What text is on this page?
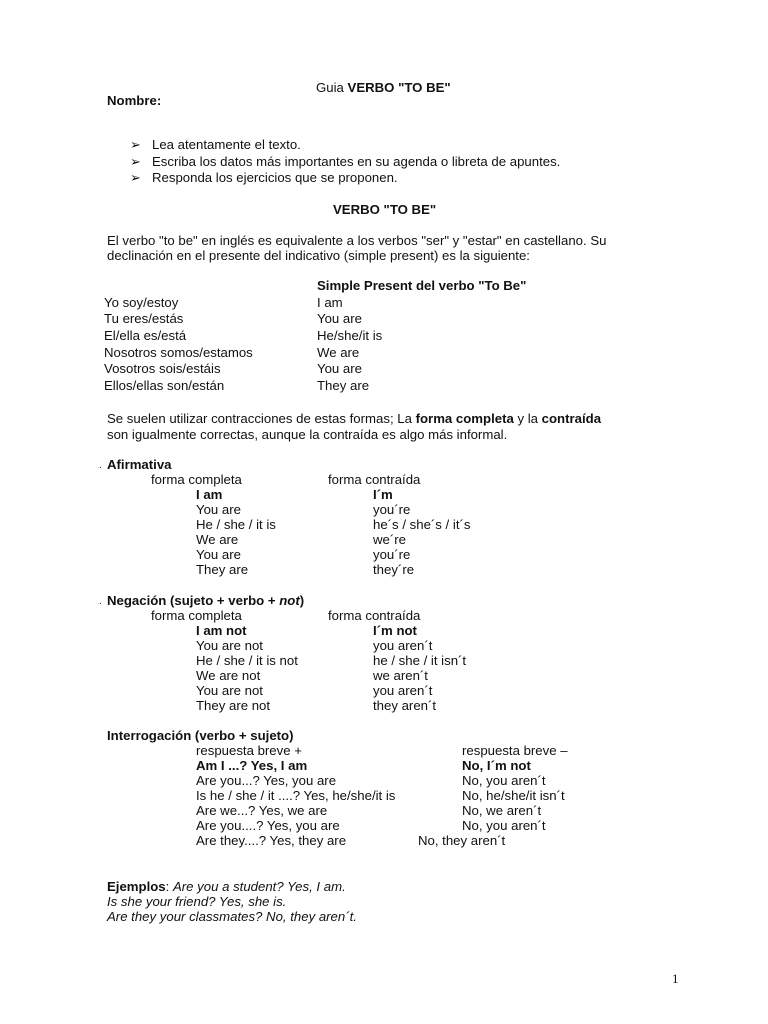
Guia VERBO "TO BE"
Nombre:
➢ Lea atentamente el texto.
➢ Escriba los datos más importantes en su agenda o libreta de apuntes.
➢ Responda los ejercicios que se proponen.
VERBO "TO BE"
El verbo "to be" en inglés es equivalente a los verbos "ser" y "estar" en castellano. Su
declinación en el presente del indicativo (simple present) es la siguiente:
Simple Present del verbo "To Be"
Yo soy/estoy	I am
Tu eres/estás	You are
El/ella es/está	He/she/it is
Nosotros somos/estamos	We are
Vosotros sois/estáis	You are
Ellos/ellas son/están	They are
Se suelen utilizar contracciones de estas formas; La forma completa y la contraída
son igualmente correctas, aunque la contraída es algo más informal.
. Afirmativa
forma completa	forma contraída
I am	I´m
You are	you´re
He / she / it is	he´s / she´s / it´s
We are	we´re
You are	you´re
They are	they´re
. Negación (sujeto + verbo + not)
forma completa	forma contraída
I am not	I´m not
You are not	you aren´t
He / she / it is not	he / she / it isn´t
We are not	we aren´t
You are not	you aren´t
They are not	they aren´t
Interrogación (verbo + sujeto)
respuesta breve +	respuesta breve –
Am I ...? Yes, I am	No, I´m not
Are you...? Yes, you are	No, you aren´t
Is he / she / it ....? Yes, he/she/it is	No, he/she/it isn´t
Are we...? Yes, we are	No, we aren´t
Are you....? Yes, you are	No, you aren´t
Are they....? Yes, they are	No, they aren´t
Ejemplos: Are you a student? Yes, I am.
Is she your friend? Yes, she is.
Are they your classmates? No, they aren´t.
1
